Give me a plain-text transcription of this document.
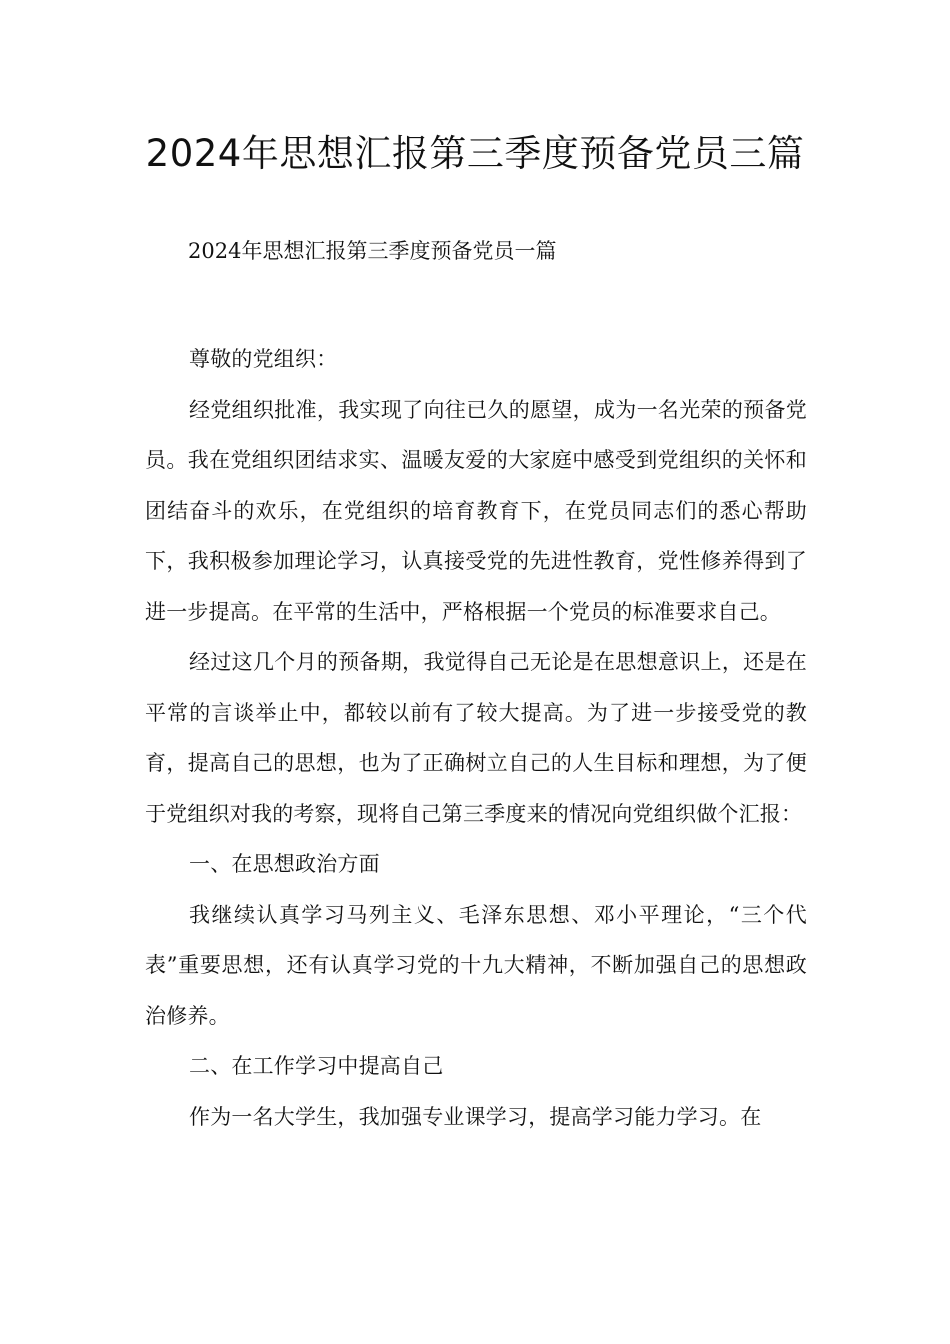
2024年思想汇报第三季度预备党员三篇

2024年思想汇报第三季度预备党员一篇

尊敬的党组织：

经党组织批准，我实现了向往已久的愿望，成为一名光荣的预备党员。我在党组织团结求实、温暖友爱的大家庭中感受到党组织的关怀和团结奋斗的欢乐，在党组织的培育教育下，在党员同志们的悉心帮助下，我积极参加理论学习，认真接受党的先进性教育，党性修养得到了进一步提高。在平常的生活中，严格根据一个党员的标准要求自己。

经过这几个月的预备期，我觉得自己无论是在思想意识上，还是在平常的言谈举止中，都较以前有了较大提高。为了进一步接受党的教育，提高自己的思想，也为了正确树立自己的人生目标和理想，为了便于党组织对我的考察，现将自己第三季度来的情况向党组织做个汇报：

一、在思想政治方面

我继续认真学习马列主义、毛泽东思想、邓小平理论，“三个代表”重要思想，还有认真学习党的十九大精神，不断加强自己的思想政治修养。

二、在工作学习中提高自己

作为一名大学生，我加强专业课学习，提高学习能力学习。在
